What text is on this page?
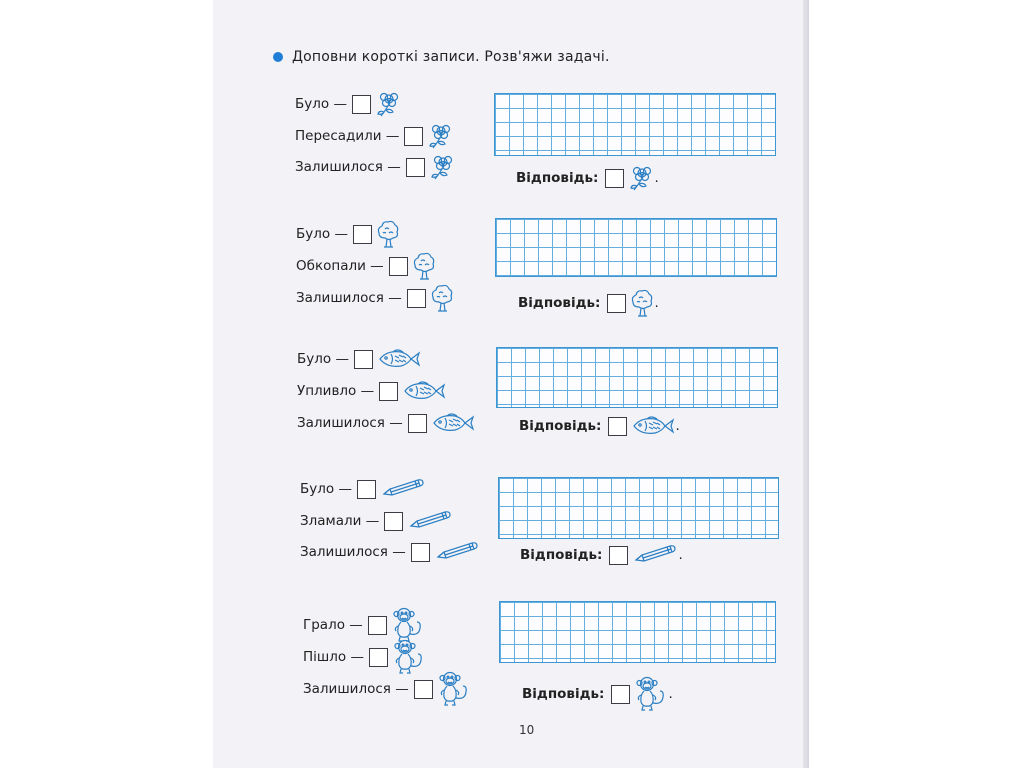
Доповни короткі записи. Розв'яжи задачі.
Було
—
Пересадили
—
Залишилося
—
Відповідь:	.
Було
—
Обкопали
—
Залишилося
—	Відповідь:	.
Було
—
Упливло
—
Залишилося
—	Відповідь:	.
Було
—
Зламали
—
Залишилося
—	Відповідь:	.
Грало
—
Пішло
—
Залишилося
—	Відповідь:	.
10
